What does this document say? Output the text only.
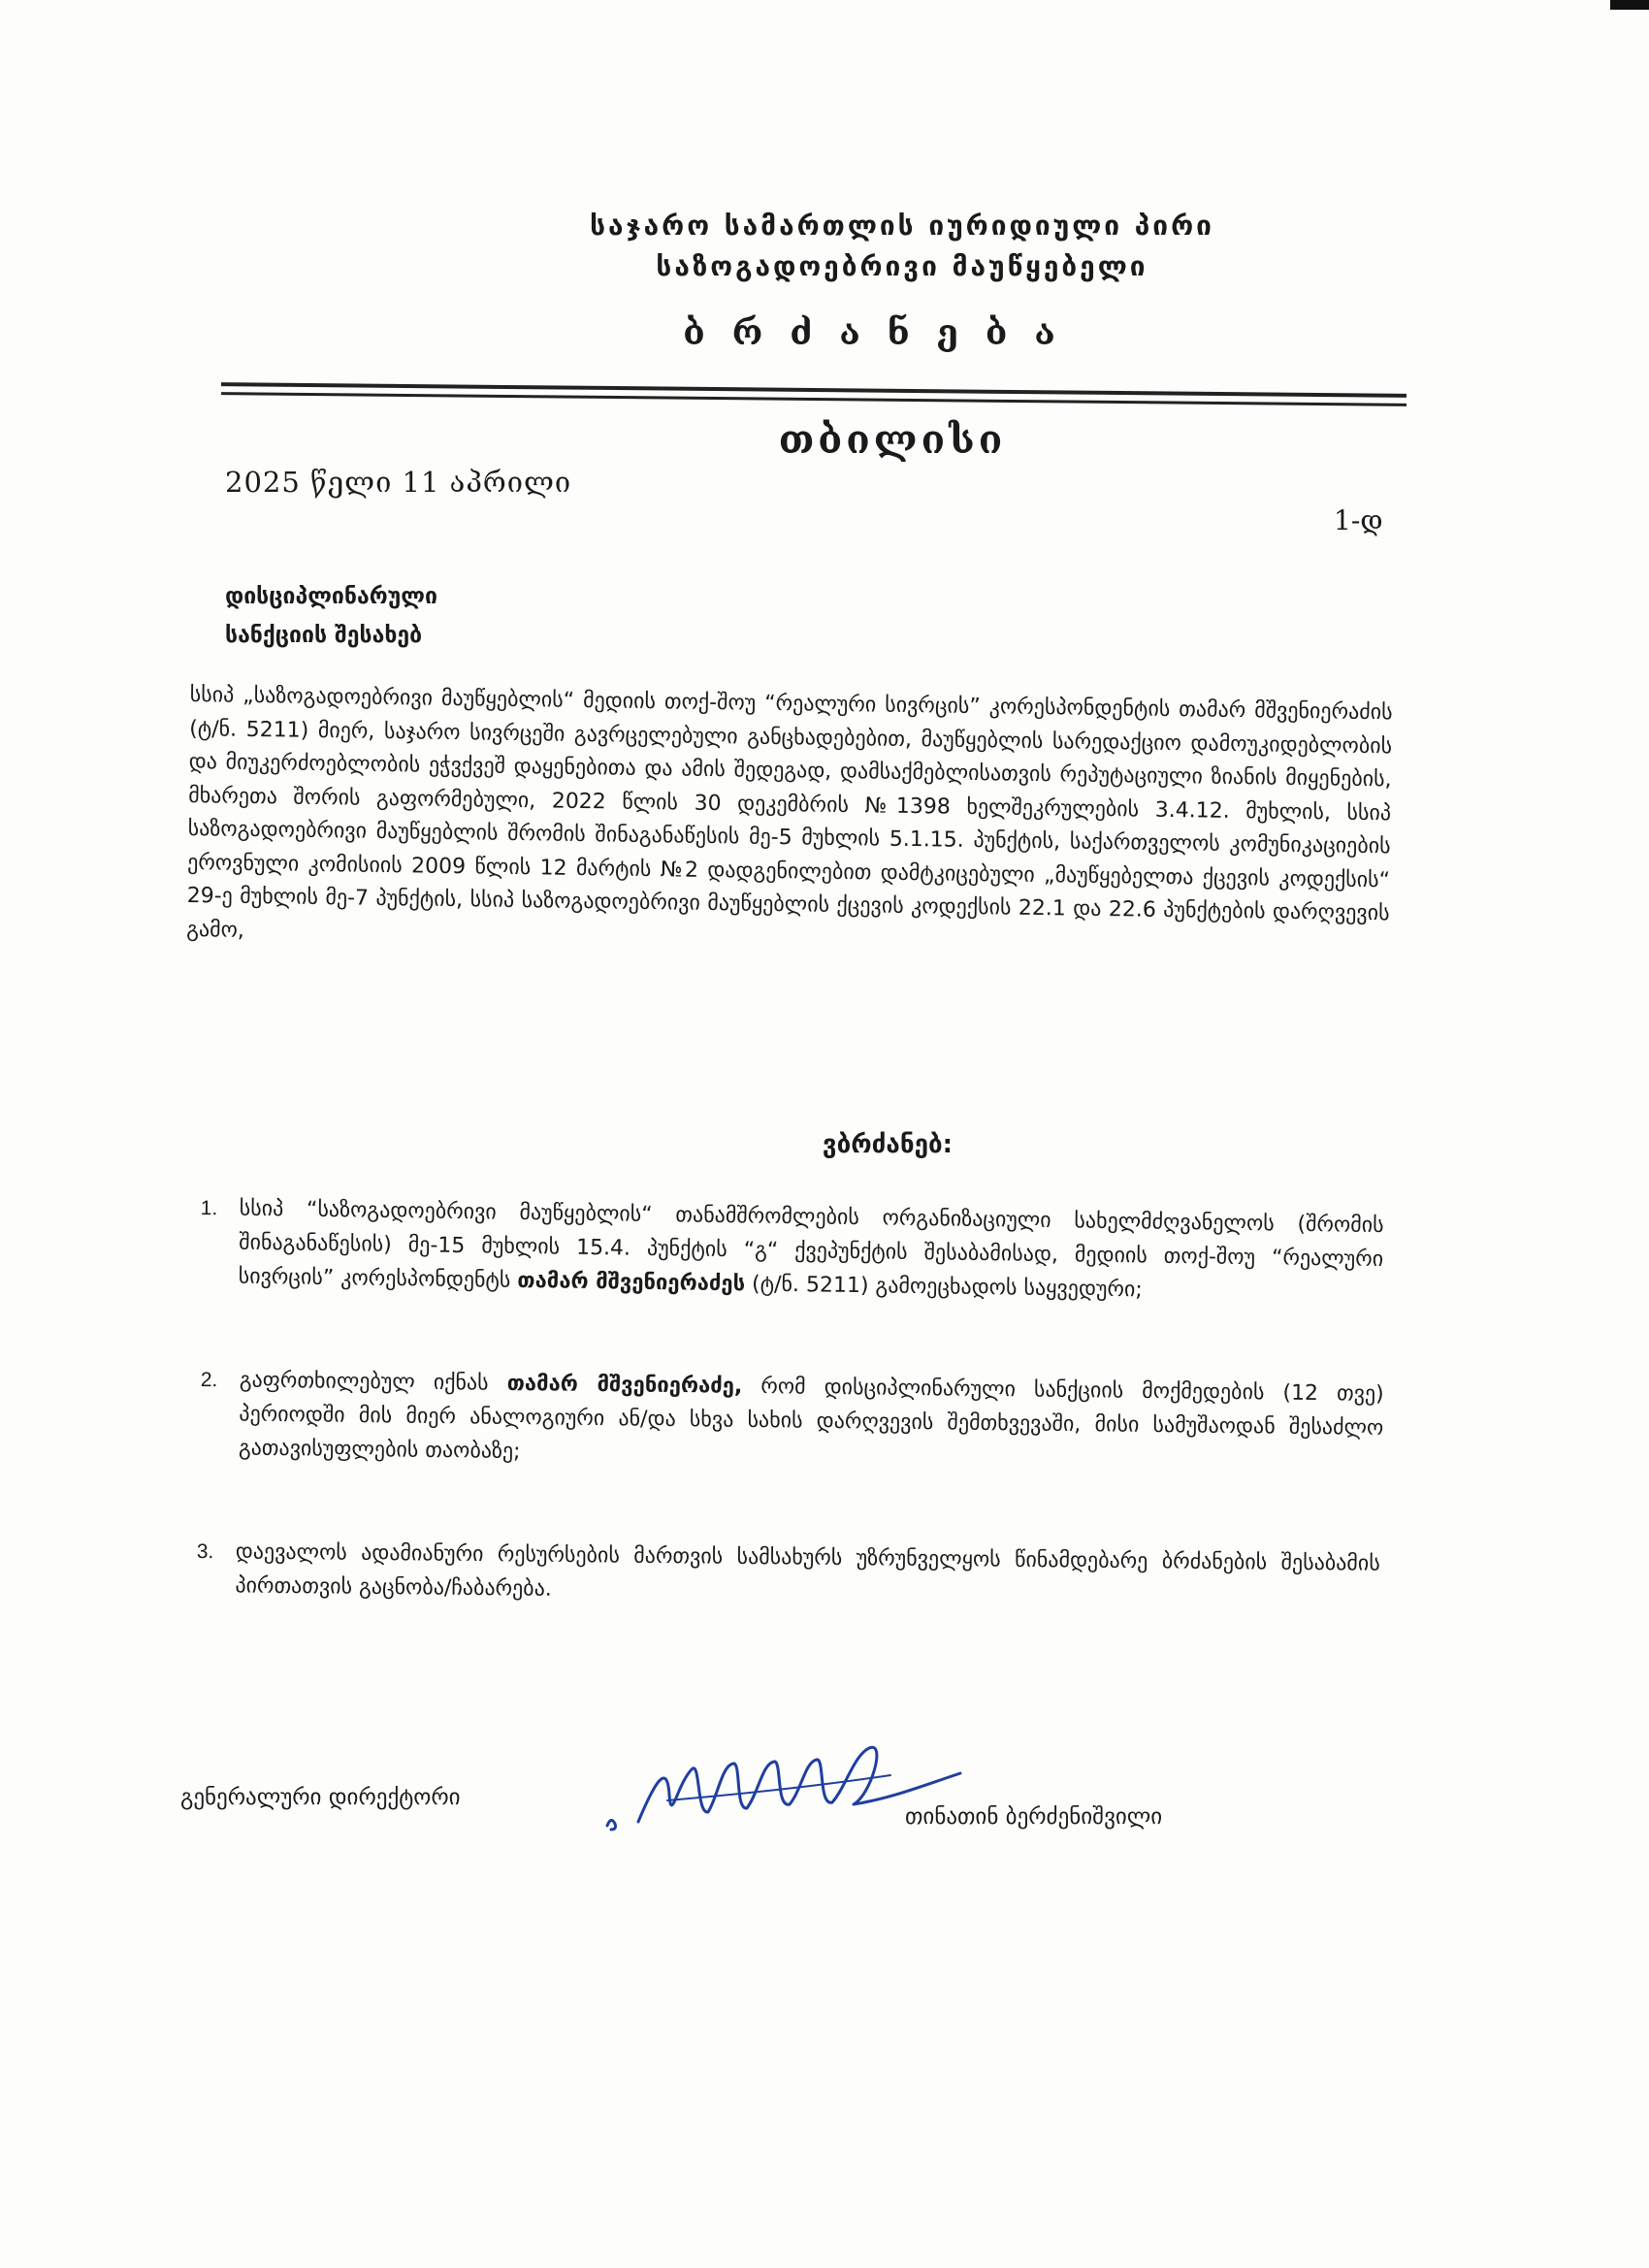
საჯარო სამართლის იურიდიული პირი
საზოგადოებრივი მაუწყებელი
ბრძანება
თბილისი
2025 წელი 11 აპრილი
1-დ
დისციპლინარული
სანქციის შესახებ
სსიპ „საზოგადოებრივი მაუწყებლის“ მედიის თოქ-შოუ “რეალური სივრცის” კორესპონდენტის თამარ მშვენიერაძის (ტ/ნ. 5211) მიერ, საჯარო სივრცეში გავრცელებული განცხადებებით, მაუწყებლის სარედაქციო დამოუკიდებლობის და მიუკერძოებლობის ეჭვქვეშ დაყენებითა და ამის შედეგად, დამსაქმებლისათვის რეპუტაციული ზიანის მიყენების, მხარეთა შორის გაფორმებული, 2022 წლის 30 დეკემბრის №1398 ხელშეკრულების 3.4.12. მუხლის, სსიპ საზოგადოებრივი მაუწყებლის შრომის შინაგანაწესის მე-5 მუხლის 5.1.15. პუნქტის, საქართველოს კომუნიკაციების ეროვნული კომისიის 2009 წლის 12 მარტის №2 დადგენილებით დამტკიცებული „მაუწყებელთა ქცევის კოდექსის“ 29-ე მუხლის მე-7 პუნქტის, სსიპ საზოგადოებრივი მაუწყებლის ქცევის კოდექსის 22.1 და 22.6 პუნქტების დარღვევის გამო,
ვბრძანებ:
1. სსიპ “საზოგადოებრივი მაუწყებლის“ თანამშრომლების ორგანიზაციული სახელმძღვანელოს (შრომის შინაგანაწესის) მე-15 მუხლის 15.4. პუნქტის “გ“ ქვეპუნქტის შესაბამისად, მედიის თოქ-შოუ “რეალური სივრცის” კორესპონდენტს თამარ მშვენიერაძეს (ტ/ნ. 5211) გამოეცხადოს საყვედური;
2. გაფრთხილებულ იქნას თამარ მშვენიერაძე, რომ დისციპლინარული სანქციის მოქმედების (12 თვე) პერიოდში მის მიერ ანალოგიური ან/და სხვა სახის დარღვევის შემთხვევაში, მისი სამუშაოდან შესაძლო გათავისუფლების თაობაზე;
3. დაევალოს ადამიანური რესურსების მართვის სამსახურს უზრუნველყოს წინამდებარე ბრძანების შესაბამის პირთათვის გაცნობა/ჩაბარება.
გენერალური დირექტორი
თინათინ ბერძენიშვილი
